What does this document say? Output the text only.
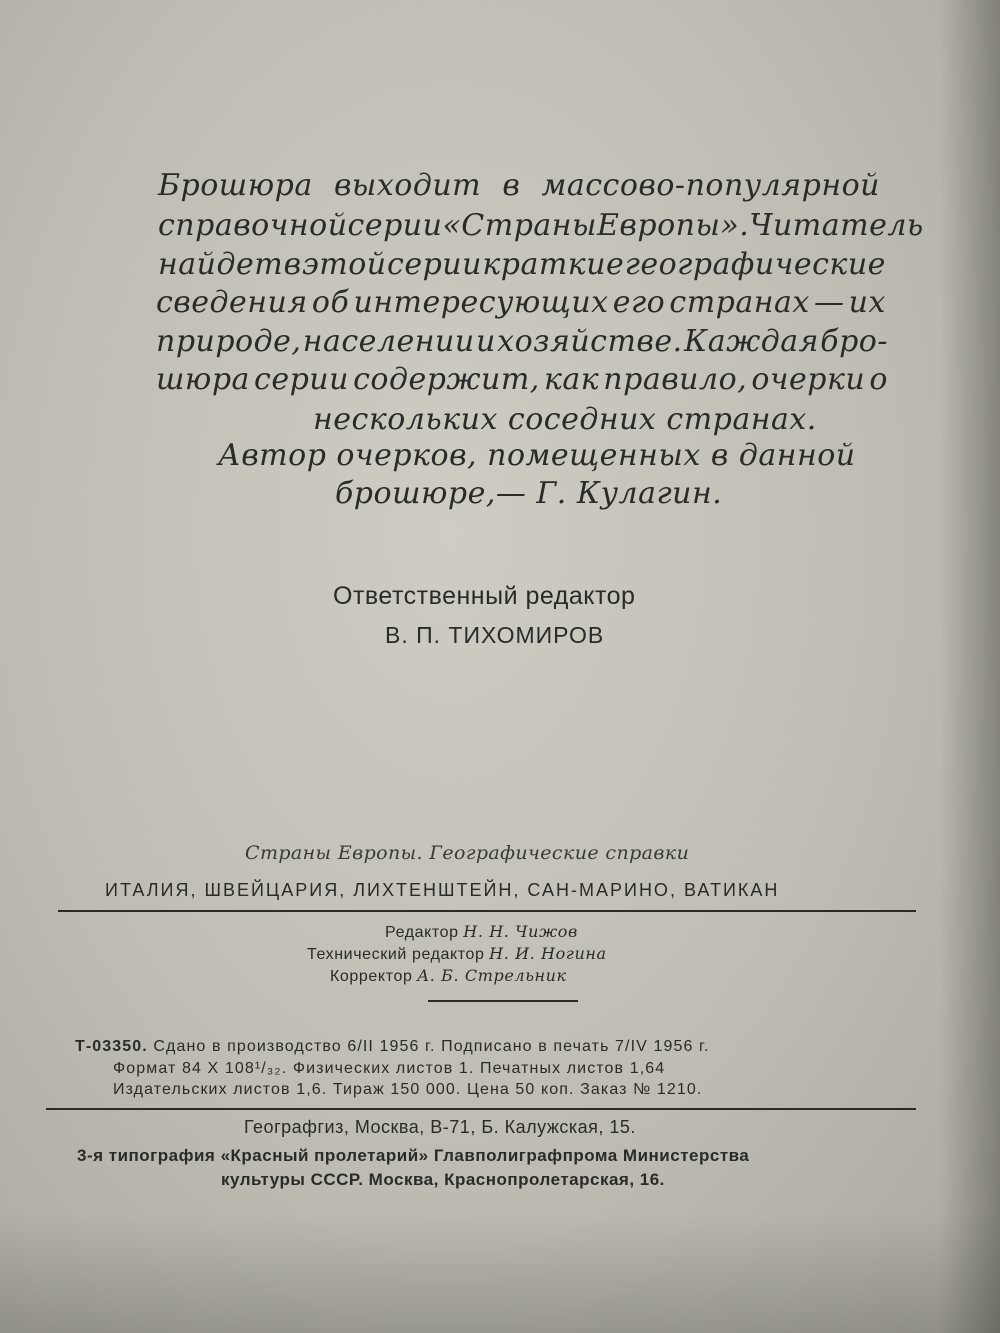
Брошюра выходит в массово-популярной
справочной серии «Страны Европы». Читатель
найдет в этой серии краткие географические
сведения об интересующих его странах — их
природе, населении и хозяйстве. Каждая бро-
шюра серии содержит, как правило, очерки о
нескольких соседних странах.
Автор очерков, помещенных в данной
брошюре,— Г. Кулагин.
Ответственный редактор
В. П. ТИХОМИРОВ
Страны Европы. Географические справки
ИТАЛИЯ, ШВЕЙЦАРИЯ, ЛИХТЕНШТЕЙН, САН-МАРИНО, ВАТИКАН
Редактор Н. Н. Чижов
Технический редактор Н. И. Ногина
Корректор А. Б. Стрельник
Т-03350. Сдано в производство 6/II 1956 г. Подписано в печать 7/IV 1956 г.
Формат 84 X 108¹/₃₂. Физических листов 1. Печатных листов 1,64
Издательских листов 1,6. Тираж 150 000. Цена 50 коп. Заказ № 1210.
Географгиз, Москва, В-71, Б. Калужская, 15.
3-я типография «Красный пролетарий» Главполиграфпрома Министерства
культуры СССР. Москва, Краснопролетарская, 16.
